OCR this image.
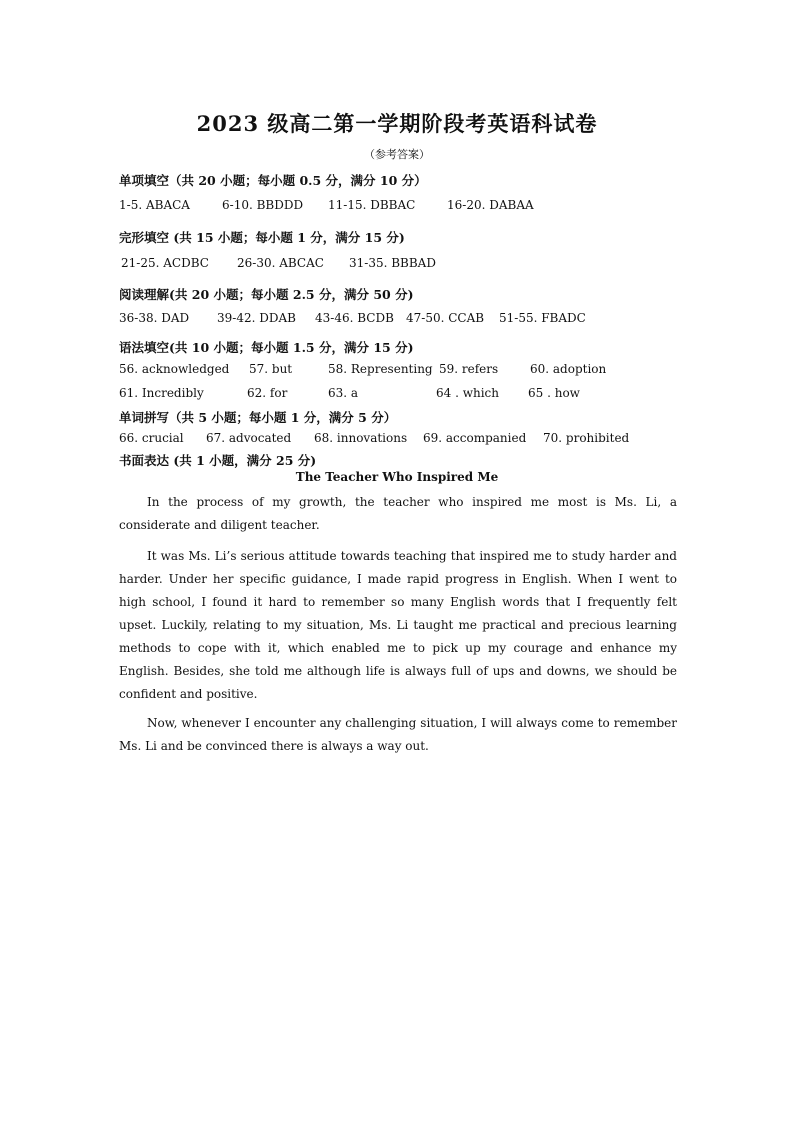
2023 级高二第一学期阶段考英语科试卷
（参考答案）
单项填空（共 20 小题；每小题 0.5 分，满分 10 分）
1-5. ABACA	6-10. BBDDD 11-15. DBBAC	16-20. DABAA
完形填空 (共 15 小题；每小题 1 分，满分 15 分)
21-25. ACDBC 26-30. ABCAC 31-35. BBBAD
阅读理解(共 20 小题；每小题 2.5 分，满分 50 分)
36-38. DAD 39-42. DDAB 43-46. BCDB 47-50. CCAB 51-55. FBADC
语法填空(共 10 小题；每小题 1.5 分，满分 15 分)
56. acknowledged 57. but	58. Representing 59. refers	60. adoption
61. Incredibly	62. for	63. a	64 . which 65 . how
单词拼写（共 5 小题；每小题 1 分，满分 5 分）
66. crucial 67. advocated 68. innovations 69. accompanied 70. prohibited
书面表达 (共 1 小题，满分 25 分)
The Teacher Who Inspired Me

In the process of my growth, the teacher who inspired me most is Ms. Li, a considerate and diligent teacher.

It was Ms. Li’s serious attitude towards teaching that inspired me to study harder and harder. Under her specific guidance, I made rapid progress in English. When I went to high school, I found it hard to remember so many English words that I frequently felt upset. Luckily, relating to my situation, Ms. Li taught me practical and precious learning methods to cope with it, which enabled me to pick up my courage and enhance my English. Besides, she told me although life is always full of ups and downs, we should be confident and positive.

Now, whenever I encounter any challenging situation, I will always come to remember Ms. Li and be convinced there is always a way out.
